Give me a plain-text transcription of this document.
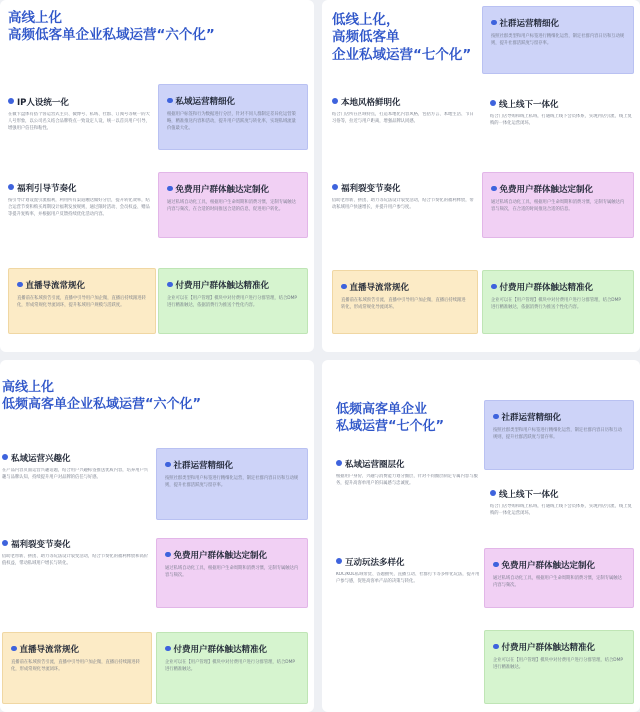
高线上化
高频低客单企业私域运营“六个化”
IP人设统一化
在微卡盘体有搭个客运营式主页、微博号、私域、社群、订阅号等统一的大人号形象，以公司名义结合品牌特点一致设定人设，统一以首页用户引导，增强用户信任和粘性。
福利引导节奏化
按引导计划设置引流福利，利用所有渠道触达做好分层，提升转化效率，结合运营节奏和购买周期设计福利发放规则，通过限时活动、会员权益、赠品等提升复购率，并根据用户反馈持续优化活动内容。
私域运营精细化
根据用户标签和行为数据进行分层，针对不同人群制定差异化运营策略，精准推送内容和活动，提升用户活跃度与转化率，实现私域流量价值最大化。
免费用户群体触达定制化
通过私域自动化工具，根据用户生命周期和消费习惯，定制专属触达内容与频次，在合适的时间推送合适的信息，促进用户转化。
直播导流常规化
直播前在私域预告引流，直播中引导用户加企微，直播后持续跟进转化，形成常规化导流闭环，提升私域用户规模与活跃度。
付费用户群体触达精准化
企业可以在【用户管理】模块中对付费用户进行分群管理，结合DMP进行精准触达，依据消费行为推送个性化内容。
低线上化，
高频低客单
企业私域运营“七个化”
本地风格鲜明化
结合门店所在区域特点，打造本地化内容风格，包括方言、本地生活、节日习俗等，拉近与用户距离，增强品牌认同感。
福利裂变节奏化
借助老带新、拼团、助力等玩法设计裂变活动，结合节奏化的福利释放，带动私域用户快速增长，并提升用户参与度。
社群运营精细化
按照社群类型和用户标签进行精细化运营，制定社群内容日历和互动规则，提升社群活跃度与留存率。
线上线下一体化
结合门店导购和线上私域，打通线上线下会员体系，实现到店引流、线上复购的一体化运营闭环。
免费用户群体触达定制化
通过私域自动化工具，根据用户生命周期和消费习惯，定制专属触达内容与频次，在合适的时间推送合适的信息。
直播导流常规化
直播前在私域预告引流，直播中引导用户加企微，直播后持续跟进转化，形成常规化导流闭环。
付费用户群体触达精准化
企业可以在【用户管理】模块中对付费用户进行分群管理，结合DMP进行精准触达，依据消费行为推送个性化内容。
高线上化
低频高客单企业私域运营“六个化”
私域运营兴趣化
在产品内容页面运营兴趣话题，结合用户兴趣标签推送优质内容，培养用户兴趣与品牌认知，持续提升用户对品牌的信任与好感。
福利裂变节奏化
借助老带新、拼团、助力等玩法设计裂变活动，结合节奏化的福利释放和高价值权益，带动私域用户增长与转化。
社群运营精细化
按照社群类型和用户标签进行精细化运营，制定社群内容日历和互动规则，提升社群活跃度与留存率。
免费用户群体触达定制化
通过私域自动化工具，根据用户生命周期和消费习惯，定制专属触达内容与频次。
直播导流常规化
直播前在私域预告引流，直播中引导用户加企微，直播后持续跟进转化，形成常规化导流闭环。
付费用户群体触达精准化
企业可以在【用户管理】模块中对付费用户进行分群管理，结合DMP进行精准触达。
低频高客单企业
私域运营“七个化”
私域运营圈层化
根据用户身份、兴趣与消费能力划分圈层，针对不同圈层制定专属内容与服务，提升高客单用户的归属感与忠诚度。
互动玩法多样化
KOC/KOL私域带货、答题抽奖、直播互动、社群打卡等多样化玩法，提升用户参与感，促进高客单产品的决策与转化。
社群运营精细化
按照社群类型和用户标签进行精细化运营，制定社群内容日历和互动规则，提升社群活跃度与留存率。
线上线下一体化
结合门店导购和线上私域，打通线上线下会员体系，实现到店引流、线上复购的一体化运营闭环。
免费用户群体触达定制化
通过私域自动化工具，根据用户生命周期和消费习惯，定制专属触达内容与频次。
付费用户群体触达精准化
企业可以在【用户管理】模块中对付费用户进行分群管理，结合DMP进行精准触达。
